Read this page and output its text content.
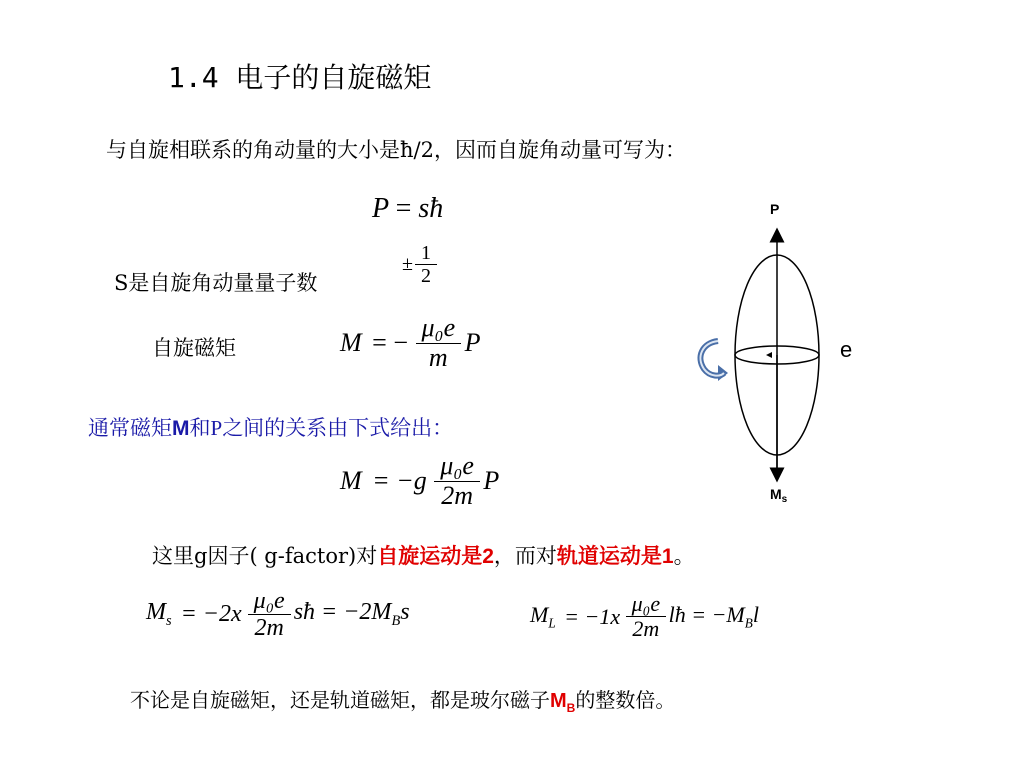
1.4 电子的自旋磁矩
与自旋相联系的角动量的大小是ħ/2，因而自旋角动量可写为：
P = sħ
S是自旋角动量量子数
± $\frac{1}{2}$
自旋磁矩	M = − $\frac{\text{μ₀e}}{m}$ P
通常磁矩M和P之间的关系由下式给出：
$M = -g \frac{\text{μ₀e}}{2m}$ P
这里g因子( g-factor)对自旋运动是2，而对轨道运动是1。
$M_s = -2x \frac{\text{μ₀e}}{2m}$ sħ = $-2M_Bs$	$M_L = -1x \frac{\text{μ₀e}}{2m}$ lħ = $-M_Bl$
不论是自旋磁矩，还是轨道磁矩，都是玻尔磁子$M_B$的整数倍。
P
e
$M_s$
